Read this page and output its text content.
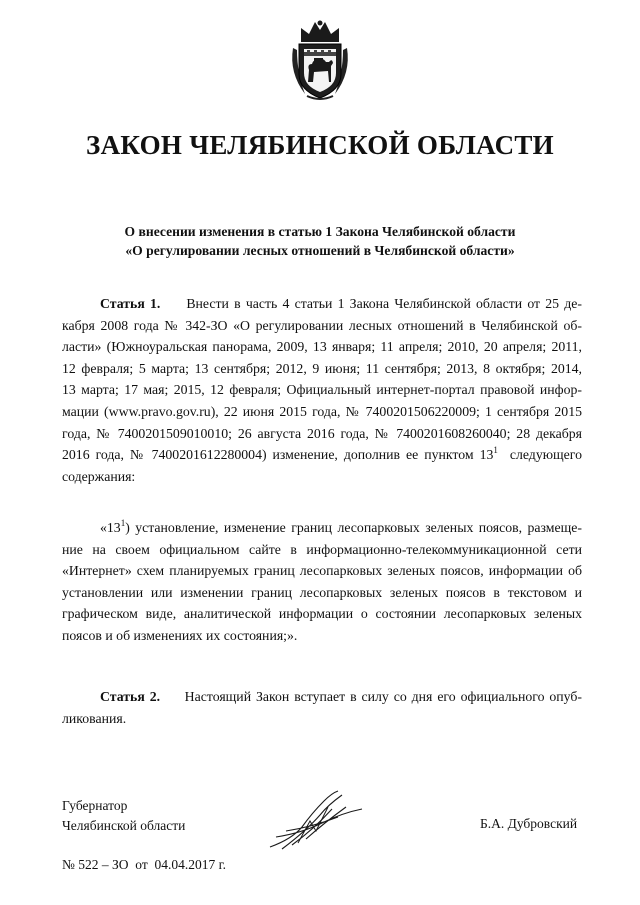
ЗАКОН ЧЕЛЯБИНСКОЙ ОБЛАСТИ
О внесении изменения в статью 1 Закона Челябинской области
«О регулировании лесных отношений в Челябинской области»
Статья 1. Внести в часть 4 статьи 1 Закона Челябинской области от 25 де-
кабря 2008 года № 342-ЗО «О регулировании лесных отношений в Челябинской об-
ласти» (Южноуральская панорама, 2009, 13 января; 11 апреля; 2010, 20 апреля; 2011,
12 февраля; 5 марта; 13 сентября; 2012, 9 июня; 11 сентября; 2013, 8 октября; 2014,
13 марта; 17 мая; 2015, 12 февраля; Официальный интернет-портал правовой инфор-
мации (www.pravo.gov.ru), 22 июня 2015 года, № 7400201506220009; 1 сентября 2015
года, № 7400201509010010; 26 августа 2016 года, № 7400201608260040; 28 декабря
2016 года, № 7400201612280004) изменение, дополнив ее пунктом $13^1$ следующего
содержания:
«$13^1$) установление, изменение границ лесопарковых зеленых поясов, размеще-
ние на своем официальном сайте в информационно-телекоммуникационной сети
«Интернет» схем планируемых границ лесопарковых зеленых поясов, информации об
установлении или изменении границ лесопарковых зеленых поясов в текстовом и
графическом виде, аналитической информации о состоянии лесопарковых зеленых
поясов и об изменениях их состояния;».
Статья 2. Настоящий Закон вступает в силу со дня его официального опуб-
ликования.
Губернатор
Челябинской области	Б.А. Дубровский
№ 522 – ЗО  от  04.04.2017 г.
